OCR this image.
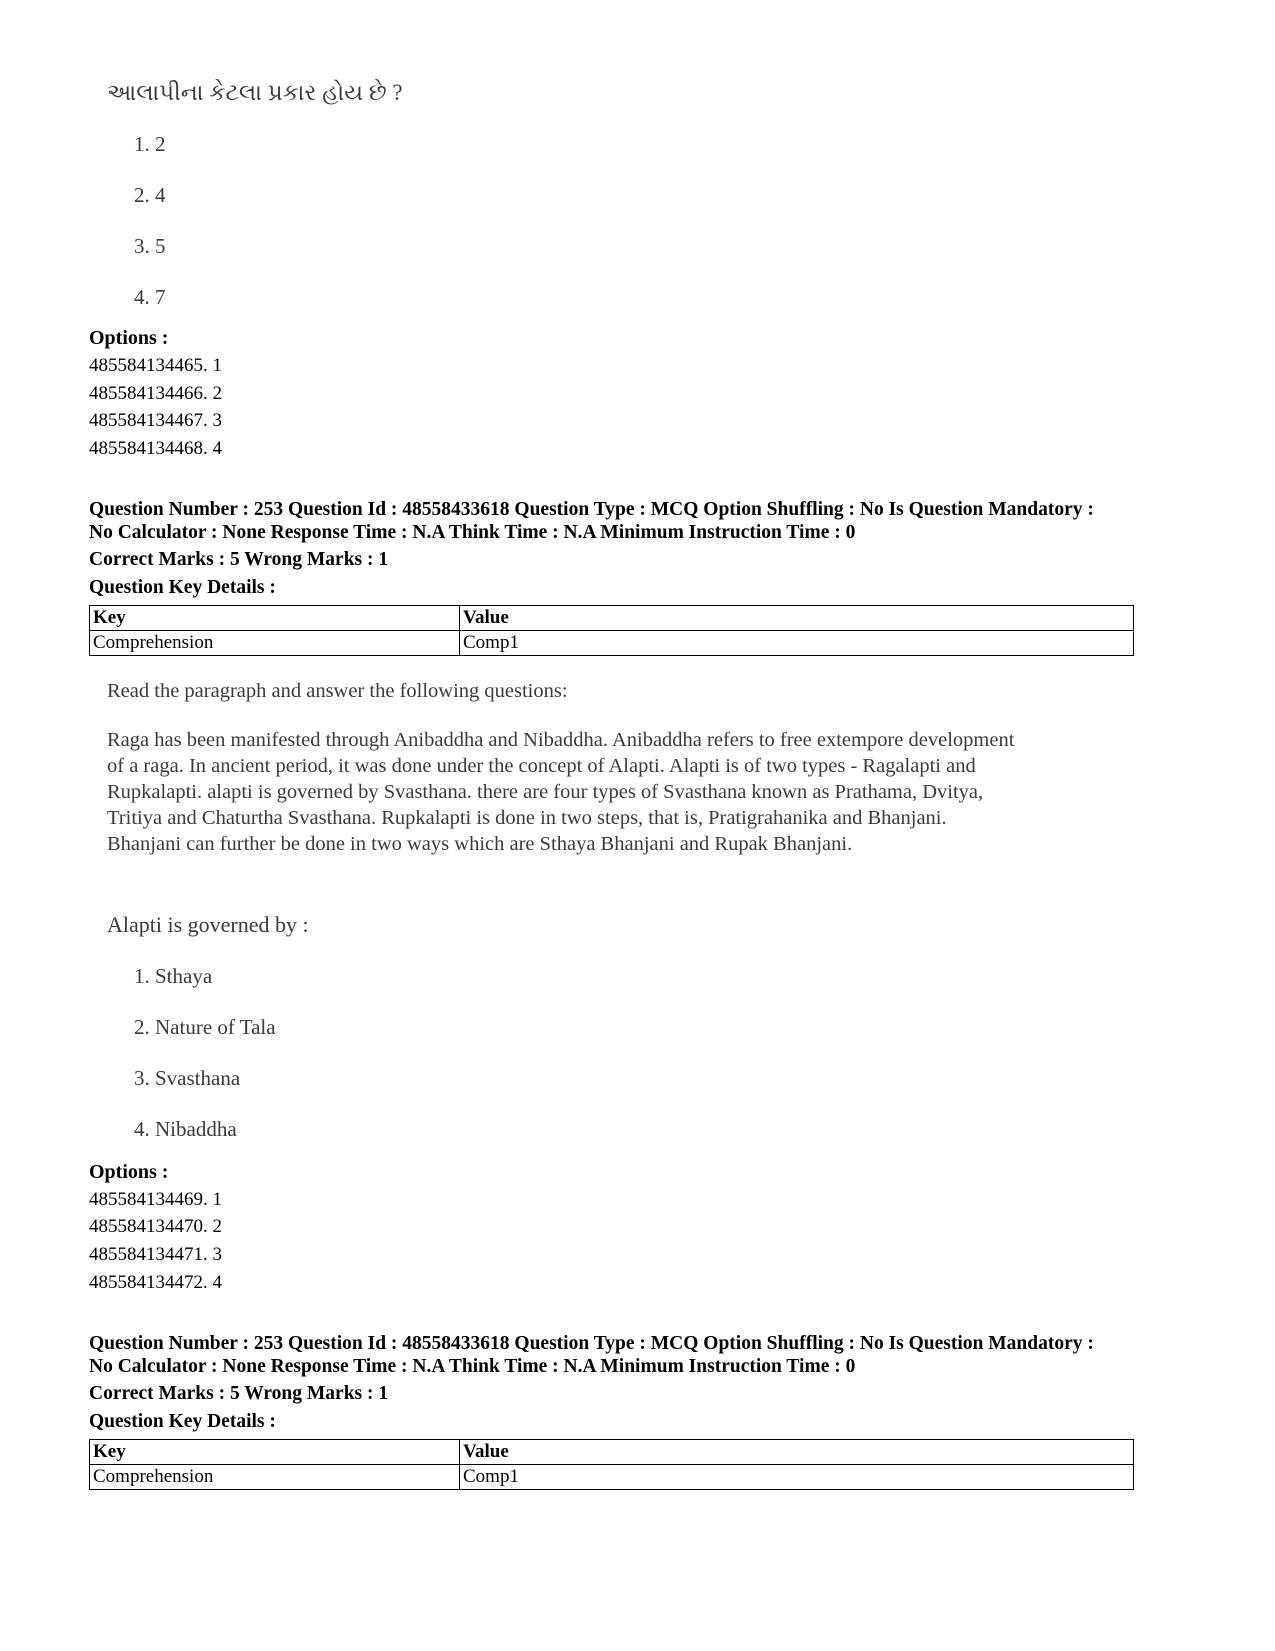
આલાપીના કેટલા પ્રકાર હોય છે ?
1. 2
2. 4
3. 5
4. 7
Options :
485584134465. 1
485584134466. 2
485584134467. 3
485584134468. 4
Question Number : 253 Question Id : 48558433618 Question Type : MCQ Option Shuffling : No Is Question Mandatory :
No Calculator : None Response Time : N.A Think Time : N.A Minimum Instruction Time : 0
Correct Marks : 5 Wrong Marks : 1
Question Key Details :
Key	Value
Comprehension	Comp1
Read the paragraph and answer the following questions:

Raga has been manifested through Anibaddha and Nibaddha. Anibaddha refers to free extempore development

of a raga. In ancient period, it was done under the concept of Alapti. Alapti is of two types - Ragalapti and

Rupkalapti. alapti is governed by Svasthana. there are four types of Svasthana known as Prathama, Dvitya,

Tritiya and Chaturtha Svasthana. Rupkalapti is done in two steps, that is, Pratigrahanika and Bhanjani.

Bhanjani can further be done in two ways which are Sthaya Bhanjani and Rupak Bhanjani.

Alapti is governed by :
1. Sthaya
2. Nature of Tala
3. Svasthana
4. Nibaddha
Options :
485584134469. 1
485584134470. 2
485584134471. 3
485584134472. 4
Question Number : 253 Question Id : 48558433618 Question Type : MCQ Option Shuffling : No Is Question Mandatory :
No Calculator : None Response Time : N.A Think Time : N.A Minimum Instruction Time : 0
Correct Marks : 5 Wrong Marks : 1
Question Key Details :
Key	Value
Comprehension	Comp1
